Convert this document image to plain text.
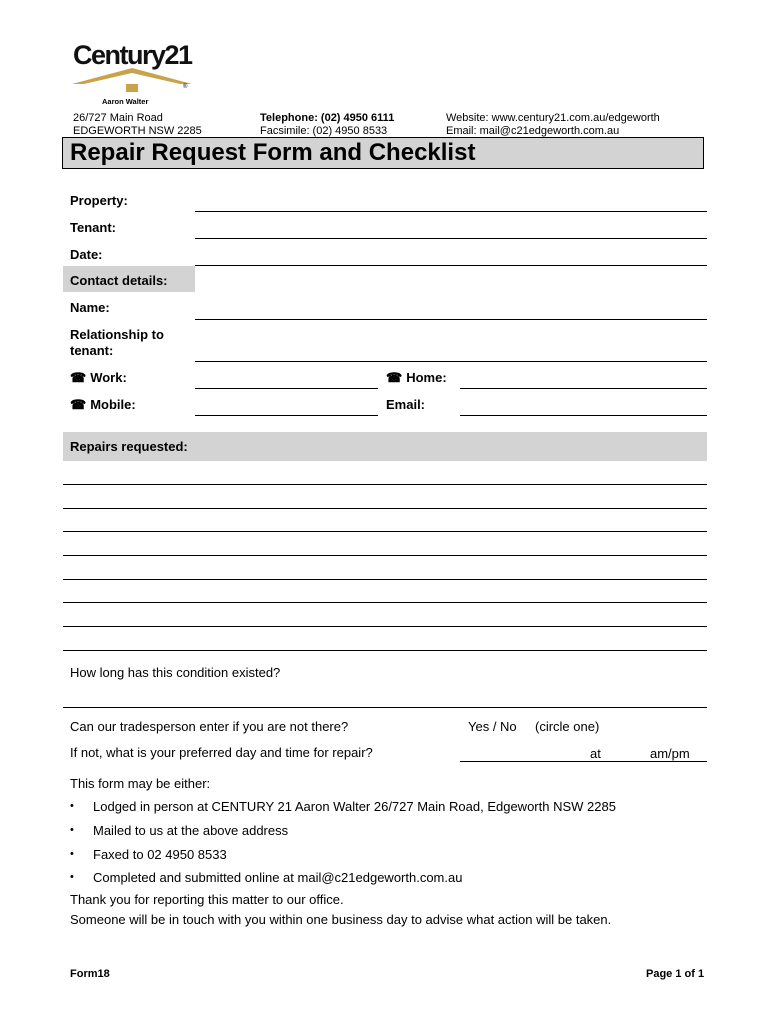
Century21
®
Aaron Walter
26/727 Main Road
EDGEWORTH NSW 2285
Telephone: (02) 4950 6111
Facsimile: (02) 4950 8533
Website: www.century21.com.au/edgeworth
Email: mail@c21edgeworth.com.au
Repair Request Form and Checklist
Property:
Tenant:
Date:
Contact details:
Name:
Relationship to
tenant:
☎ Work:	☎ Home:
☎ Mobile:	Email:
Repairs requested:
How long has this condition existed?
Can our tradesperson enter if you are not there?	Yes / No (circle one)
If not, what is your preferred day and time for repair?	at	am/pm
This form may be either:
• Lodged in person at CENTURY 21 Aaron Walter 26/727 Main Road, Edgeworth NSW 2285
• Mailed to us at the above address
• Faxed to 02 4950 8533
• Completed and submitted online at mail@c21edgeworth.com.au
Thank you for reporting this matter to our office.
Someone will be in touch with you within one business day to advise what action will be taken.
Form18	Page 1 of 1
